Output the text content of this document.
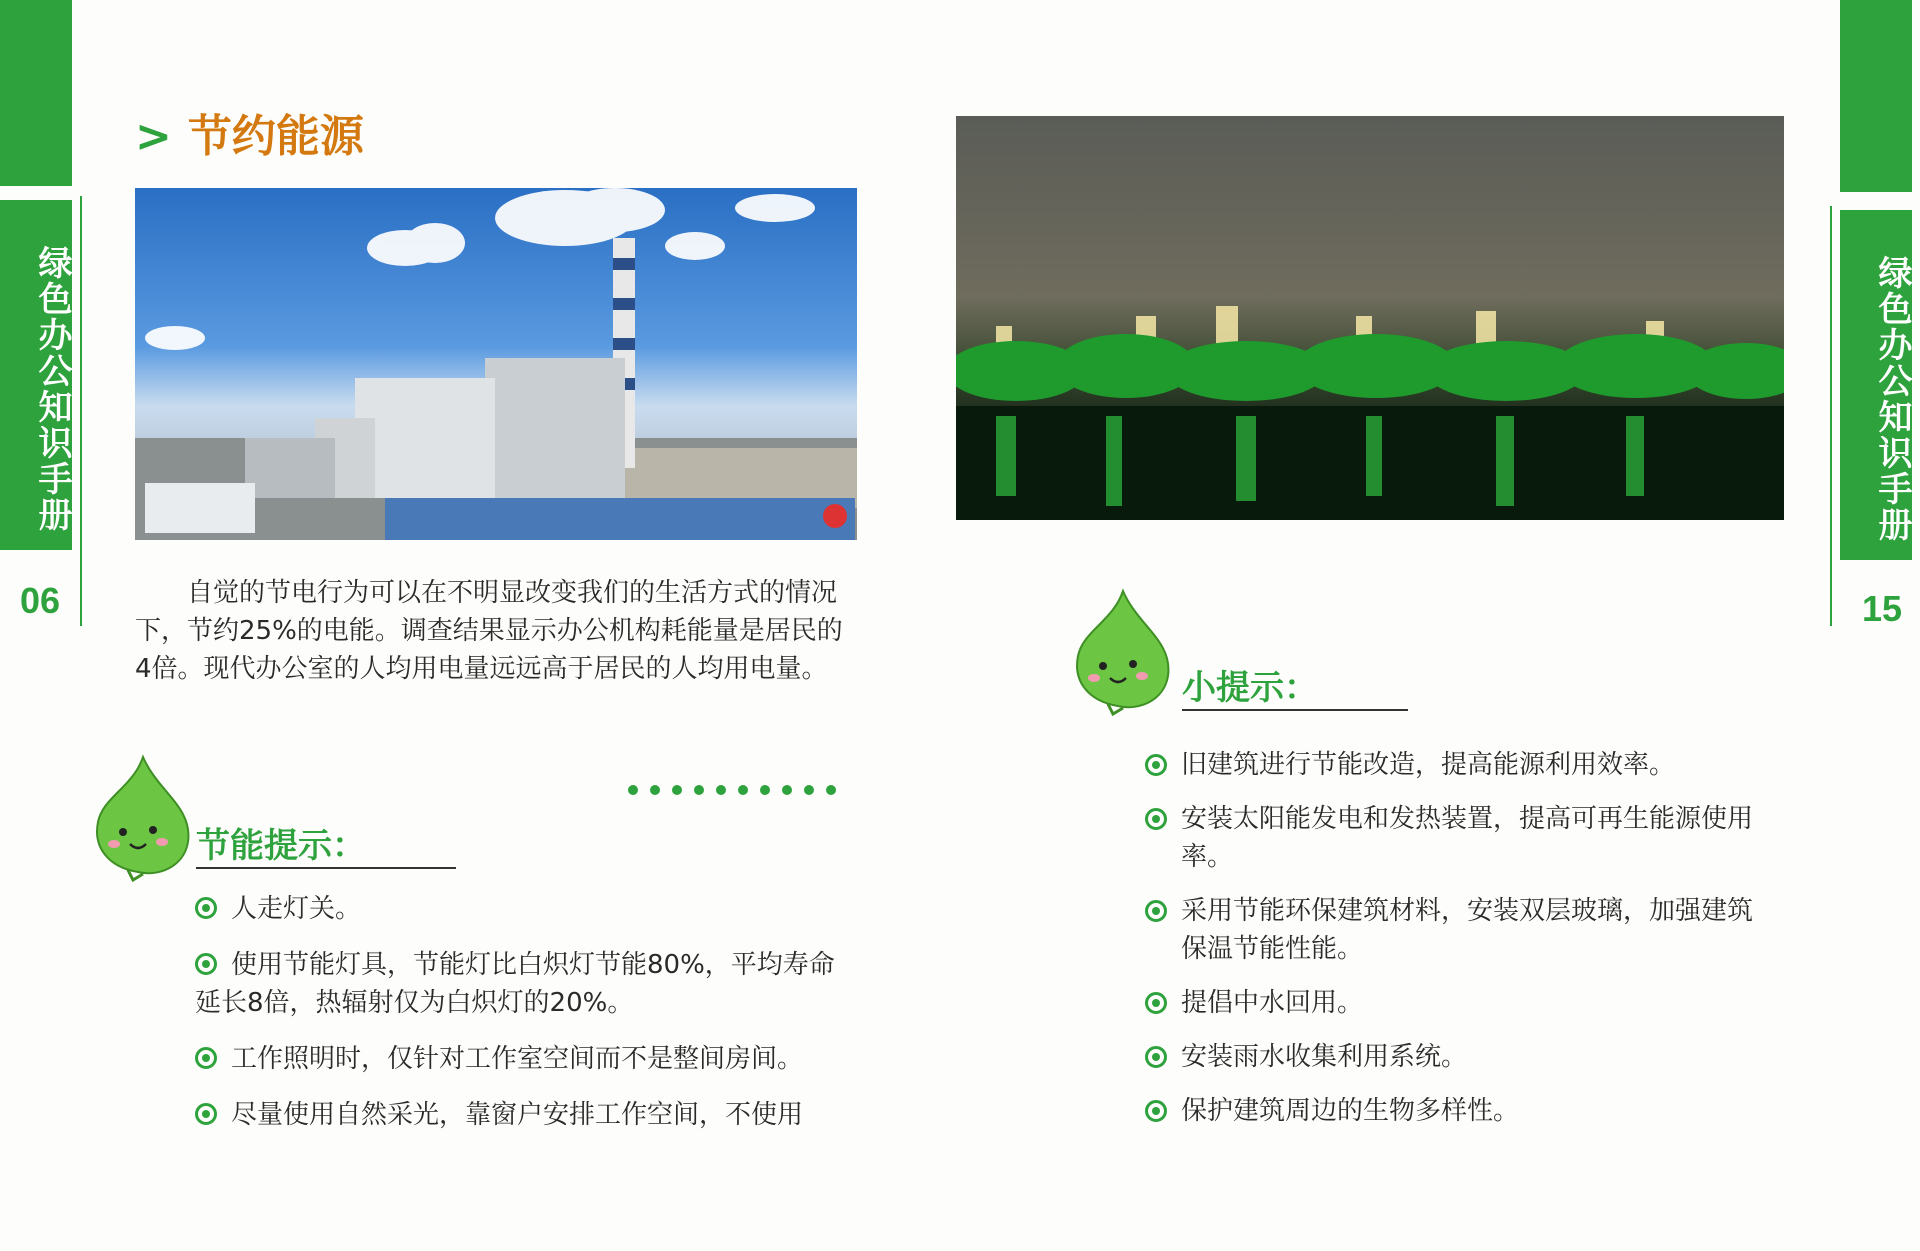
绿色办公知识手册
06
绿色办公知识手册
15
> 节约能源
自觉的节电行为可以在不明显改变我们的生活方式的情况下，节约25%的电能。调查结果显示办公机构耗能量是居民的4倍。现代办公室的人均用电量远远高于居民的人均用电量。
节能提示：
人走灯关。
使用节能灯具，节能灯比白炽灯节能80%，平均寿命延长8倍，热辐射仅为白炽灯的20%。
工作照明时，仅针对工作室空间而不是整间房间。
尽量使用自然采光，靠窗户安排工作空间，不使用
小提示：
旧建筑进行节能改造，提高能源利用效率。
安装太阳能发电和发热装置，提高可再生能源使用率。
采用节能环保建筑材料，安装双层玻璃，加强建筑保温节能性能。
提倡中水回用。
安装雨水收集利用系统。
保护建筑周边的生物多样性。
